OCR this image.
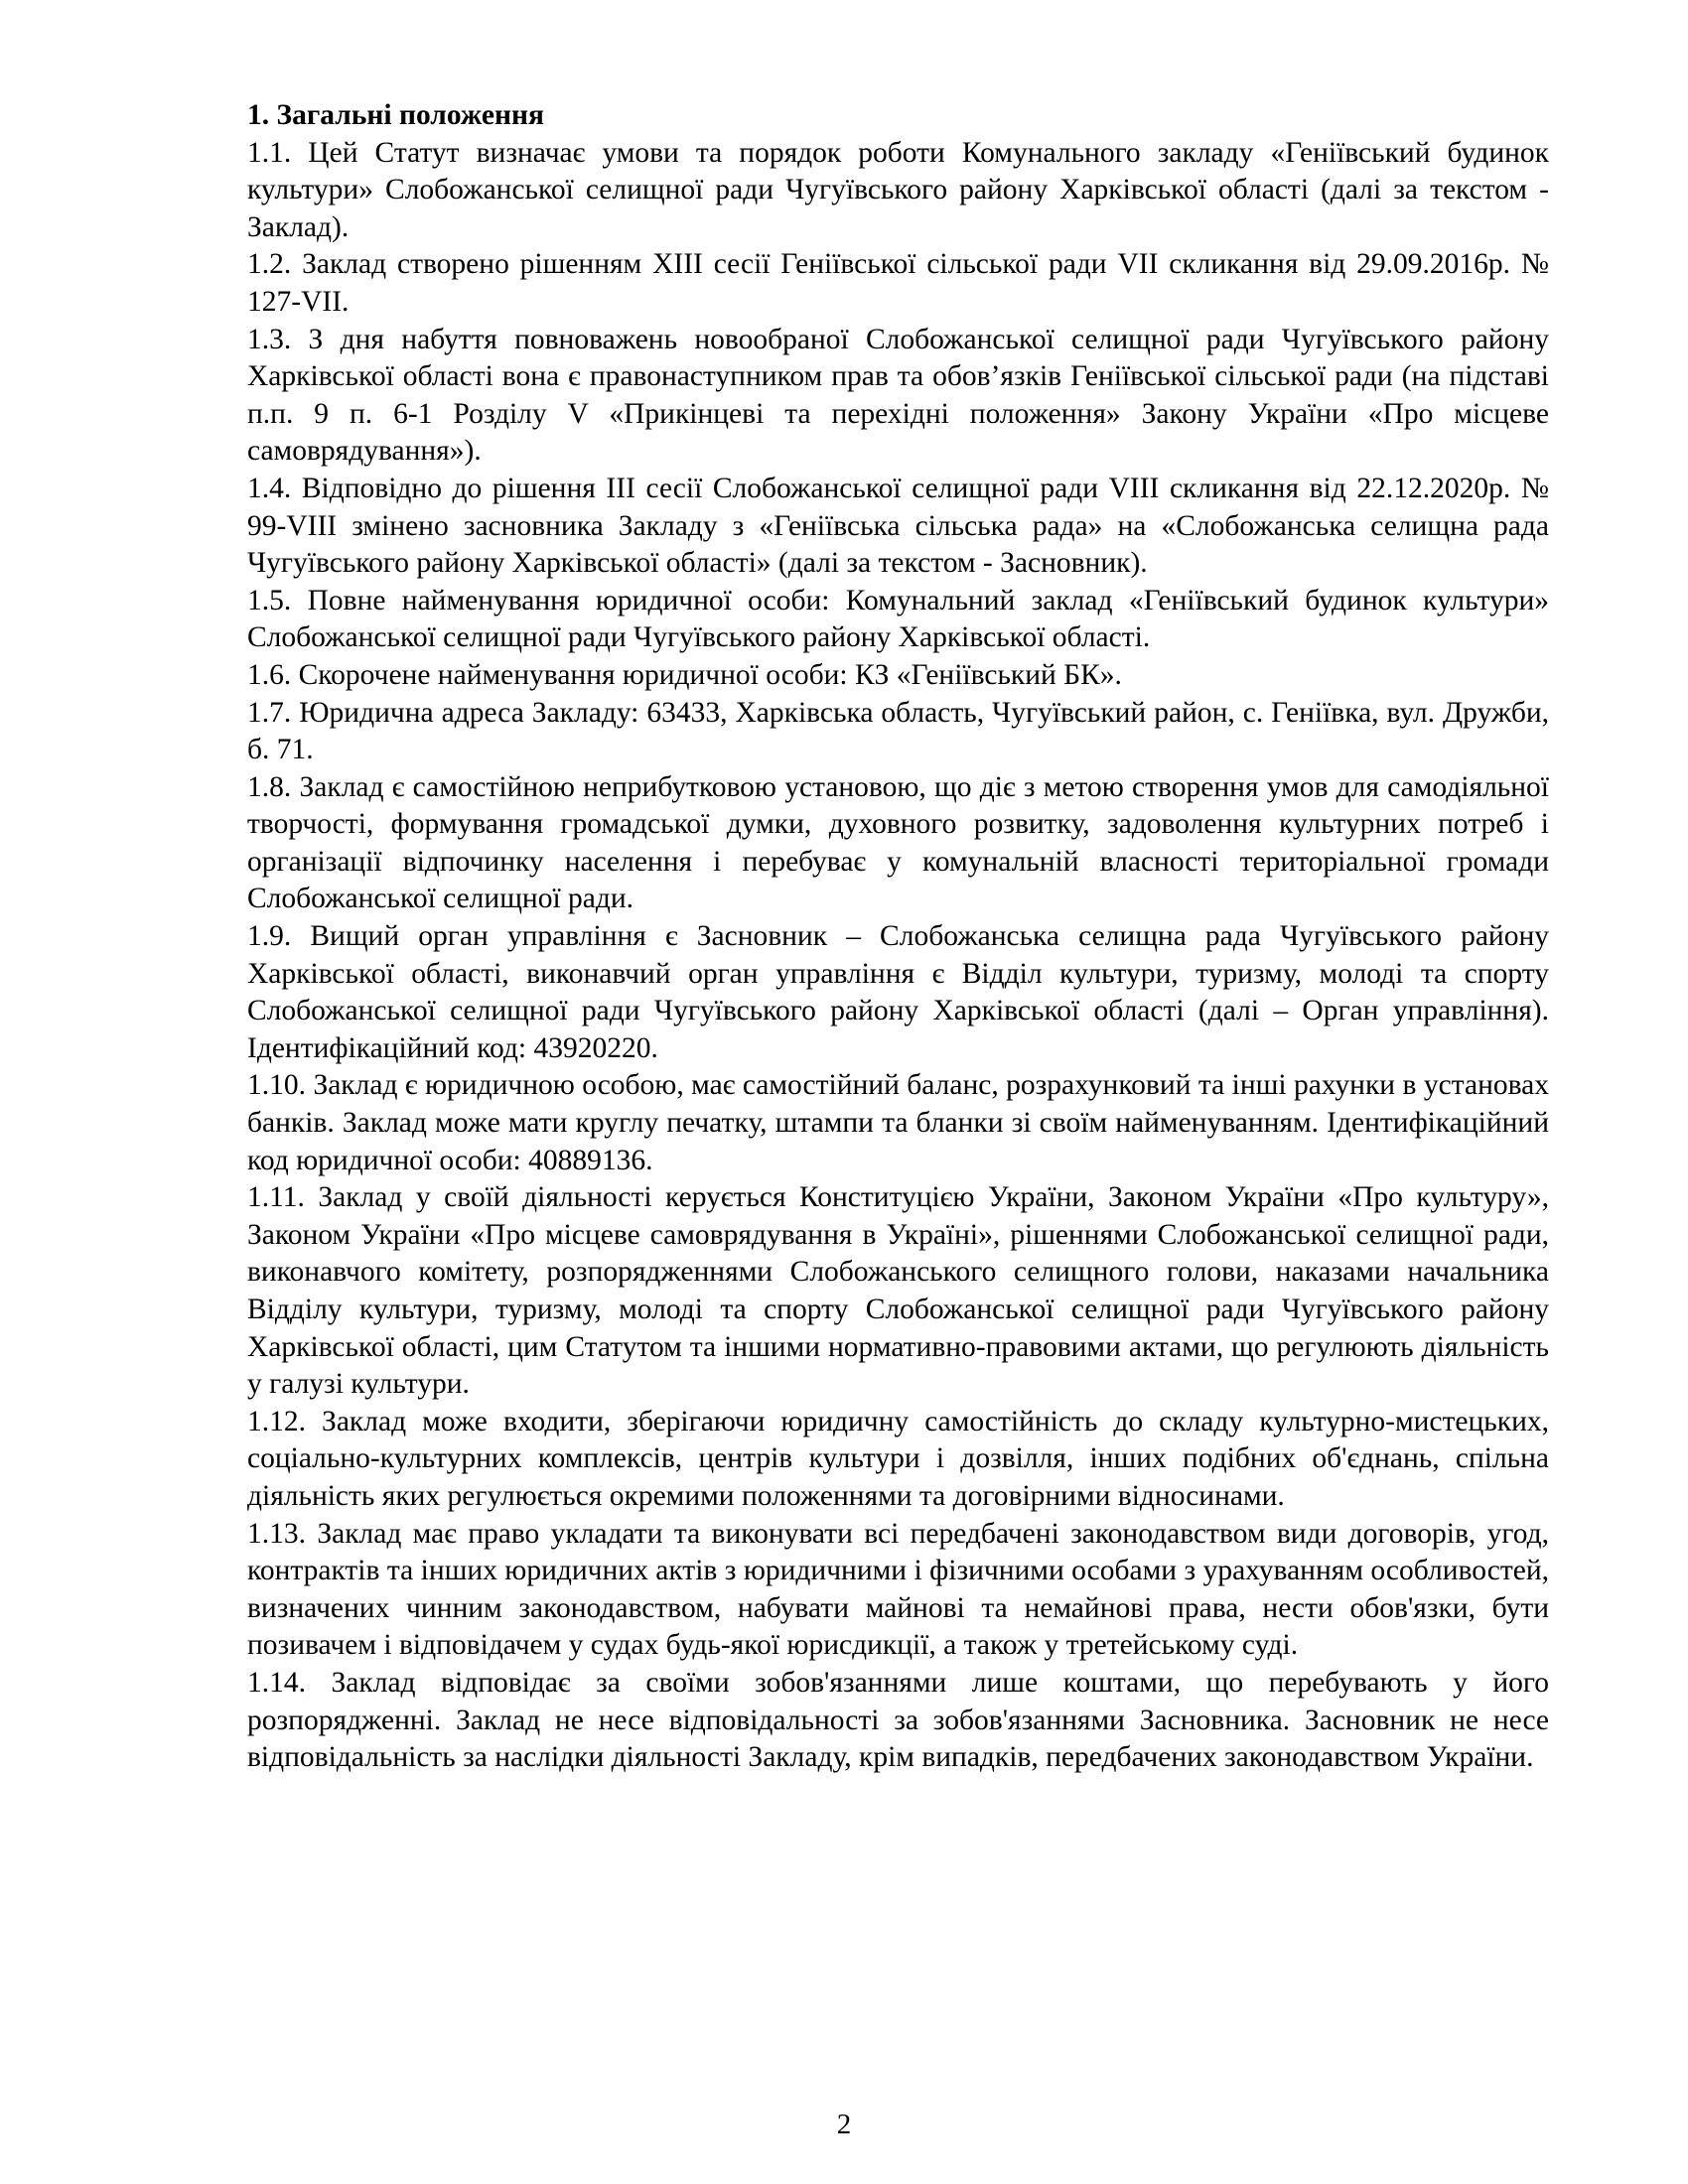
1. Загальні положення

1.1. Цей Статут визначає умови та порядок роботи Комунального закладу «Геніївський будинок культури» Слобожанської селищної ради Чугуївського району Харківської області (далі за текстом - Заклад).

1.2. Заклад створено рішенням XIII сесії Геніївської сільської ради VII скликання від 29.09.2016р. № 127-VII.

1.3. З дня набуття повноважень новообраної Слобожанської селищної ради Чугуївського району Харківської області вона є правонаступником прав та обов’язків Геніївської сільської ради (на підставі п.п. 9 п. 6-1 Розділу V «Прикінцеві та перехідні положення» Закону України «Про місцеве самоврядування»).

1.4. Відповідно до рішення III сесії Слобожанської селищної ради VIII скликання від 22.12.2020р. № 99-VIII змінено засновника Закладу з «Геніївська сільська рада» на «Слобожанська селищна рада Чугуївського району Харківської області» (далі за текстом - Засновник).

1.5. Повне найменування юридичної особи: Комунальний заклад «Геніївський будинок культури» Слобожанської селищної ради Чугуївського району Харківської області.

1.6. Скорочене найменування юридичної особи: КЗ «Геніївський БК».

1.7. Юридична адреса Закладу: 63433, Харківська область, Чугуївський район, с. Геніївка, вул. Дружби, б. 71.

1.8. Заклад є самостійною неприбутковою установою, що діє з метою створення умов для самодіяльної творчості, формування громадської думки, духовного розвитку, задоволення культурних потреб і організації відпочинку населення і перебуває у комунальній власності територіальної громади Слобожанської селищної ради.

1.9. Вищий орган управління є Засновник – Слобожанська селищна рада Чугуївського району Харківської області, виконавчий орган управління є Відділ культури, туризму, молоді та спорту Слобожанської селищної ради Чугуївського району Харківської області (далі – Орган управління). Ідентифікаційний код: 43920220.

1.10. Заклад є юридичною особою, має самостійний баланс, розрахунковий та інші рахунки в установах банків. Заклад може мати круглу печатку, штампи та бланки зі своїм найменуванням. Ідентифікаційний код юридичної особи: 40889136.

1.11. Заклад у своїй діяльності керується Конституцією України, Законом України «Про культуру», Законом України «Про місцеве самоврядування в Україні», рішеннями Слобожанської селищної ради, виконавчого комітету, розпорядженнями Слобожанського селищного голови, наказами начальника Відділу культури, туризму, молоді та спорту Слобожанської селищної ради Чугуївського району Харківської області, цим Статутом та іншими нормативно-правовими актами, що регулюють діяльність у галузі культури.

1.12. Заклад може входити, зберігаючи юридичну самостійність до складу культурно-мистецьких, соціально-культурних комплексів, центрів культури і дозвілля, інших подібних об'єднань, спільна діяльність яких регулюється окремими положеннями та договірними відносинами.

1.13. Заклад має право укладати та виконувати всі передбачені законодавством види договорів, угод, контрактів та інших юридичних актів з юридичними і фізичними особами з урахуванням особливостей, визначених чинним законодавством, набувати майнові та немайнові права, нести обов'язки, бути позивачем і відповідачем у судах будь-якої юрисдикції, а також у третейському суді.

1.14. Заклад відповідає за своїми зобов'язаннями лише коштами, що перебувають у його розпорядженні. Заклад не несе відповідальності за зобов'язаннями Засновника. Засновник не несе відповідальність за наслідки діяльності Закладу, крім випадків, передбачених законодавством України.

2
